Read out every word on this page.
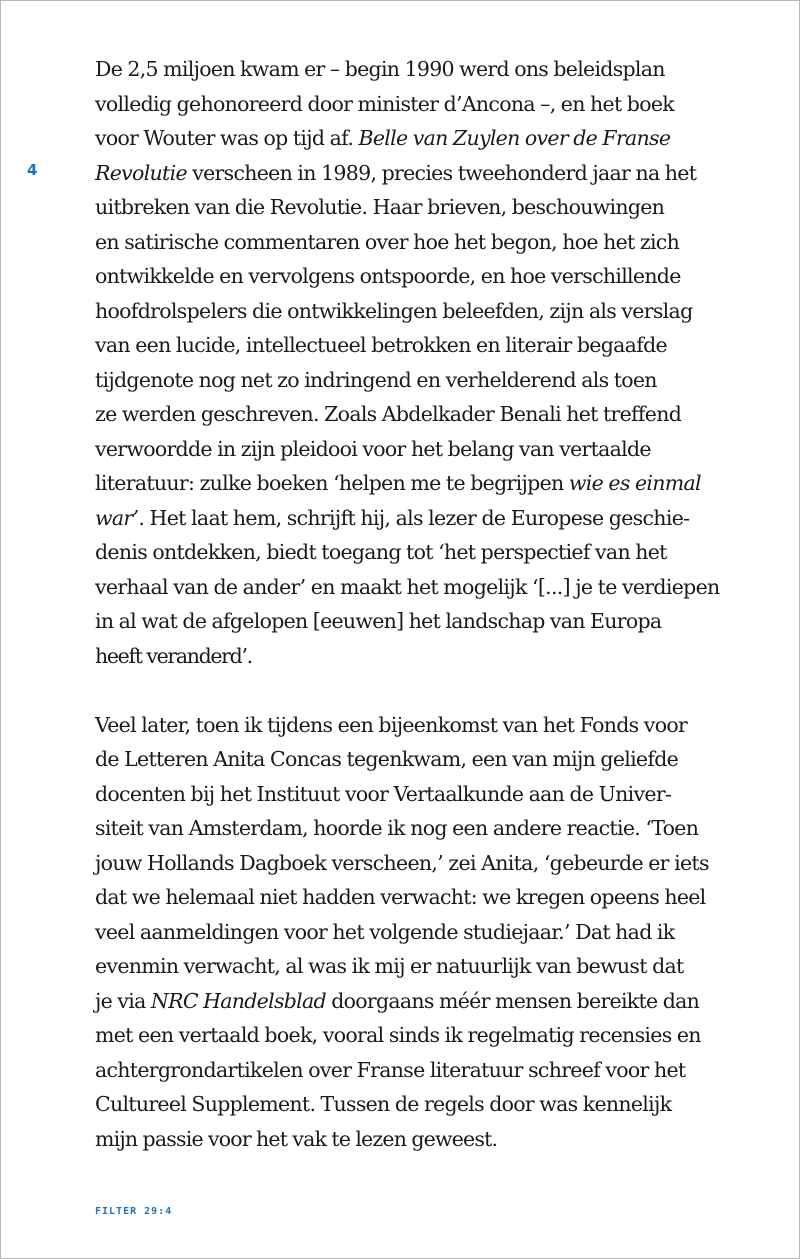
4
De 2,5 miljoen kwam er – begin 1990 werd ons beleidsplan
volledig gehonoreerd door minister d’Ancona –, en het boek
voor Wouter was op tijd af. Belle van Zuylen over de Franse
Revolutie verscheen in 1989, precies tweehonderd jaar na het
uitbreken van die Revolutie. Haar brieven, beschouwingen
en satirische commentaren over hoe het begon, hoe het zich
ontwikkelde en vervolgens ontspoorde, en hoe verschillende
hoofdrolspelers die ontwikkelingen beleefden, zijn als verslag
van een lucide, intellectueel betrokken en literair begaafde
tijdgenote nog net zo indringend en verhelderend als toen
ze werden geschreven. Zoals Abdelkader Benali het treffend
verwoordde in zijn pleidooi voor het belang van vertaalde
literatuur: zulke boeken ‘helpen me te begrijpen wie es einmal
war’. Het laat hem, schrijft hij, als lezer de Europese geschie-
denis ontdekken, biedt toegang tot ‘het perspectief van het
verhaal van de ander’ en maakt het mogelijk ‘[...] je te verdiepen
in al wat de afgelopen [eeuwen] het landschap van Europa
heeft veranderd’.
Veel later, toen ik tijdens een bijeenkomst van het Fonds voor
de Letteren Anita Concas tegenkwam, een van mijn geliefde
docenten bij het Instituut voor Vertaalkunde aan de Univer-
siteit van Amsterdam, hoorde ik nog een andere reactie. ‘Toen
jouw Hollands Dagboek verscheen,’ zei Anita, ‘gebeurde er iets
dat we helemaal niet hadden verwacht: we kregen opeens heel
veel aanmeldingen voor het volgende studiejaar.’ Dat had ik
evenmin verwacht, al was ik mij er natuurlijk van bewust dat
je via NRC Handelsblad doorgaans méér mensen bereikte dan
met een vertaald boek, vooral sinds ik regelmatig recensies en
achtergrondartikelen over Franse literatuur schreef voor het
Cultureel Supplement. Tussen de regels door was kennelijk
mijn passie voor het vak te lezen geweest.
FILTER 29:4
